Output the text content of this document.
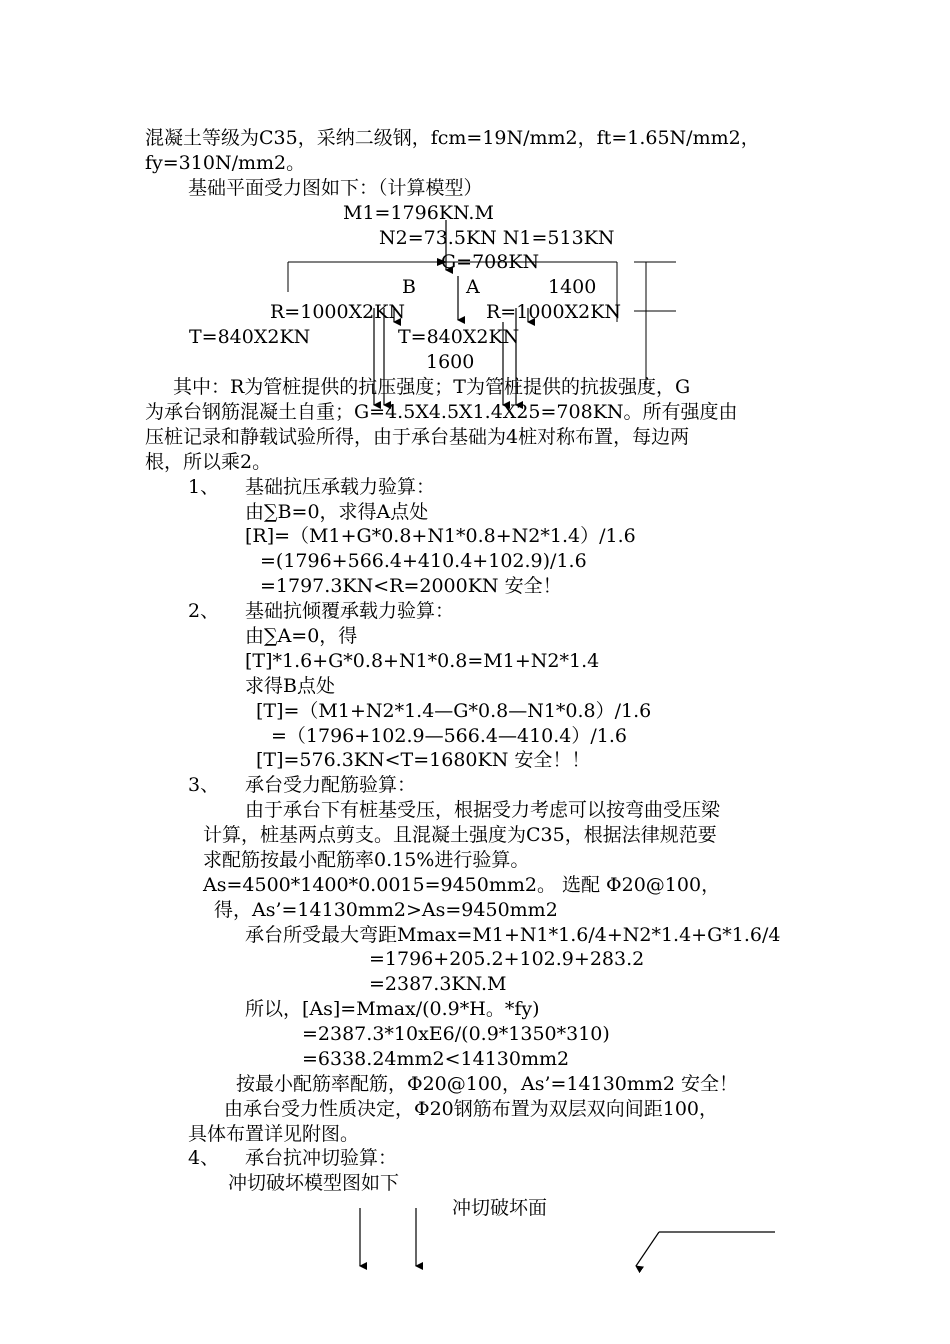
混凝土等级为C35，采纳二级钢，fcm=19N/mm2，ft=1.65N/mm2，
fy=310N/mm2。
基础平面受力图如下：（计算模型）
M1=1796KN.M
N2=73.5KN N1=513KN
G=708KN
B	A	1400
R=1000X2KN	R=1000X2KN
T=840X2KN	T=840X2KN
1600
其中：R为管桩提供的抗压强度；T为管桩提供的抗拔强度，G
为承台钢筋混凝土自重；G=4.5X4.5X1.4X25=708KN。所有强度由
压桩记录和静载试验所得，由于承台基础为4桩对称布置，每边两
根，所以乘2。
1、 基础抗压承载力验算：
由∑B=0，求得A点处
[R]=（M1+G*0.8+N1*0.8+N2*1.4）/1.6
=(1796+566.4+410.4+102.9)/1.6
=1797.3KN<R=2000KN 安全！
2、 基础抗倾覆承载力验算：
由∑A=0，得
[T]*1.6+G*0.8+N1*0.8=M1+N2*1.4
求得B点处
[T]=（M1+N2*1.4—G*0.8—N1*0.8）/1.6
=（1796+102.9—566.4—410.4）/1.6
[T]=576.3KN<T=1680KN 安全！！
3、 承台受力配筋验算：
由于承台下有桩基受压，根据受力考虑可以按弯曲受压梁
计算，桩基两点剪支。且混凝土强度为C35，根据法律规范要
求配筋按最小配筋率0.15%进行验算。
As=4500*1400*0.0015=9450mm2。 选配 Φ20@100，
得，As’=14130mm2>As=9450mm2
承台所受最大弯距Mmax=M1+N1*1.6/4+N2*1.4+G*1.6/4
=1796+205.2+102.9+283.2
=2387.3KN.M
所以，[As]=Mmax/(0.9*H。*fy)
=2387.3*10xE6/(0.9*1350*310)
=6338.24mm2<14130mm2
按最小配筋率配筋，Φ20@100，As’=14130mm2 安全！
由承台受力性质决定，Φ20钢筋布置为双层双向间距100，
具体布置详见附图。
4、 承台抗冲切验算：
冲切破坏模型图如下
冲切破坏面
